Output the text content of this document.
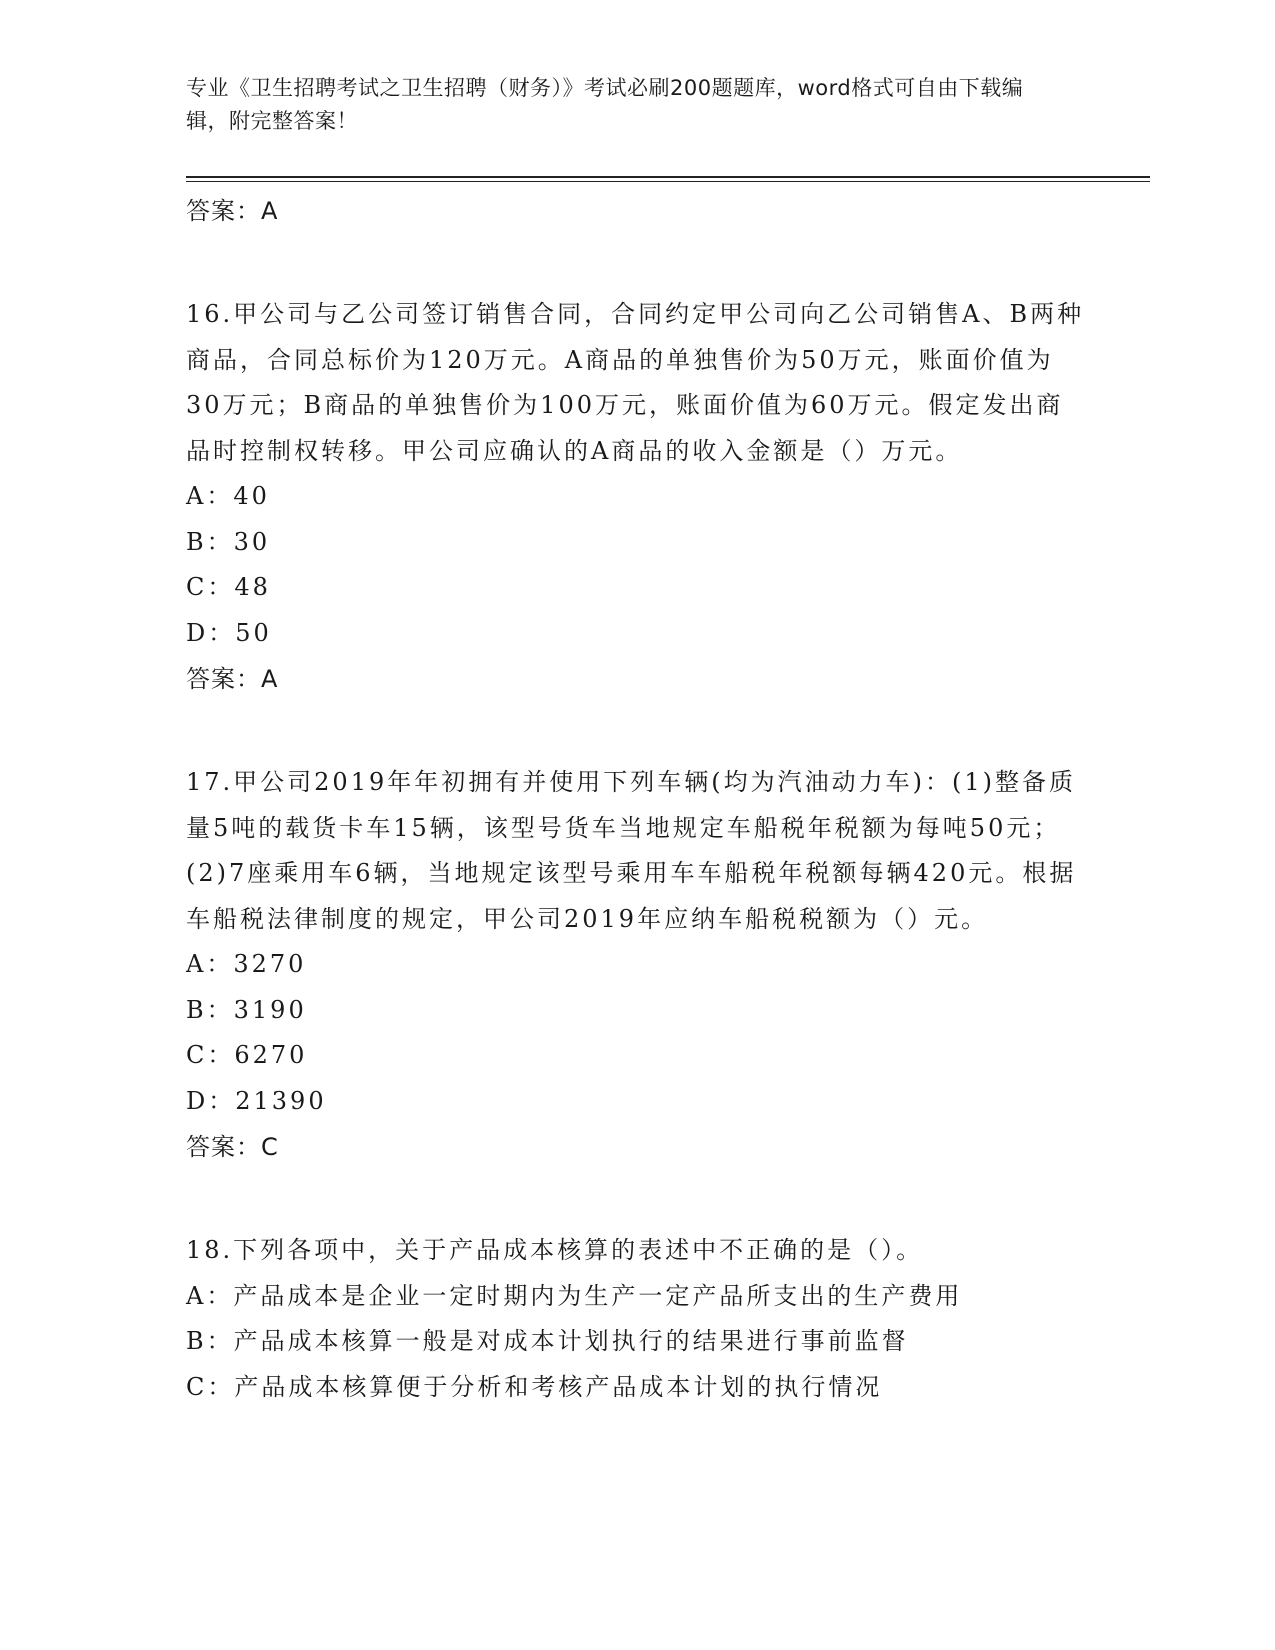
专业《卫生招聘考试之卫生招聘（财务）》考试必刷200题题库，word格式可自由下载编辑，附完整答案！
答案：A
16.甲公司与乙公司签订销售合同，合同约定甲公司向乙公司销售A、B两种商品，合同总标价为120万元。A商品的单独售价为50万元，账面价值为30万元；B商品的单独售价为100万元，账面价值为60万元。假定发出商品时控制权转移。甲公司应确认的A商品的收入金额是（）万元。
A：40
B：30
C：48
D：50
答案：A
17.甲公司2019年年初拥有并使用下列车辆(均为汽油动力车)：(1)整备质量5吨的载货卡车15辆，该型号货车当地规定车船税年税额为每吨50元；(2)7座乘用车6辆，当地规定该型号乘用车车船税年税额每辆420元。根据车船税法律制度的规定，甲公司2019年应纳车船税税额为（）元。
A：3270
B：3190
C：6270
D：21390
答案：C
18.下列各项中，关于产品成本核算的表述中不正确的是（）。
A：产品成本是企业一定时期内为生产一定产品所支出的生产费用
B：产品成本核算一般是对成本计划执行的结果进行事前监督
C：产品成本核算便于分析和考核产品成本计划的执行情况
